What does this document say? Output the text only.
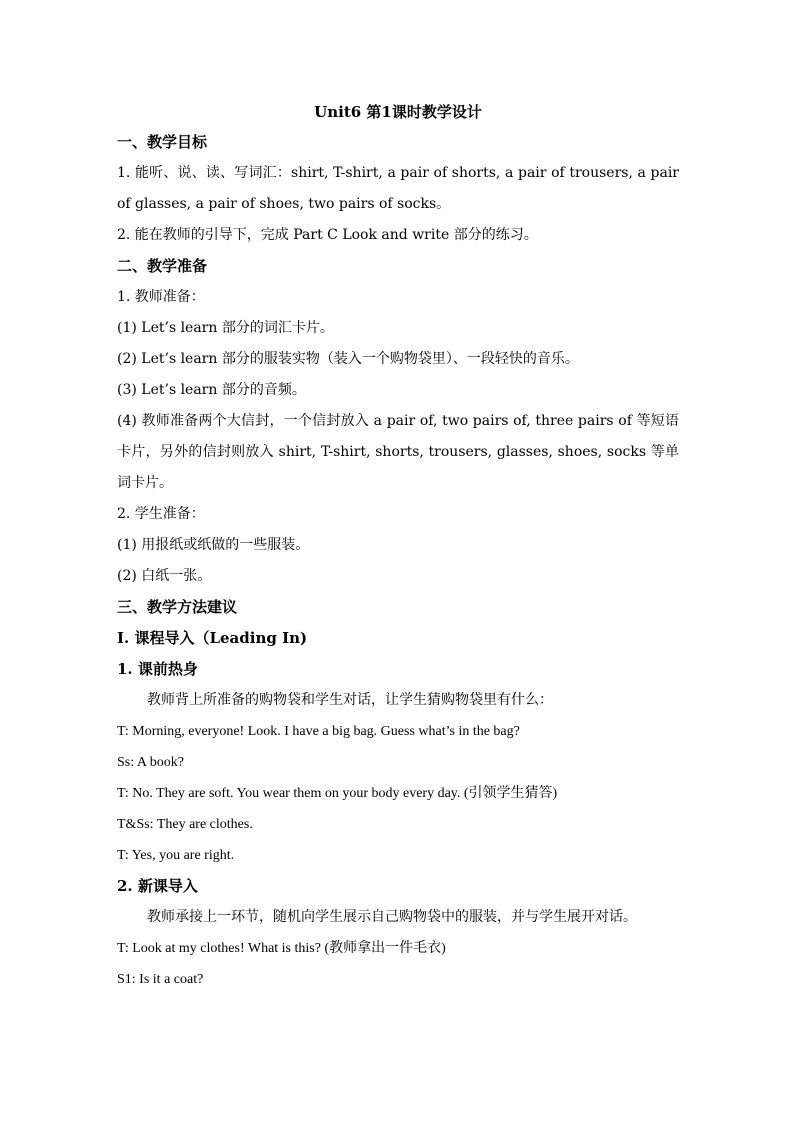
Unit6 第1课时教学设计

一、教学目标

1. 能听、说、读、写词汇：shirt, T-shirt, a pair of shorts, a pair of trousers, a pair of glasses, a pair of shoes, two pairs of socks。

2. 能在教师的引导下，完成 Part C Look and write 部分的练习。

二、教学准备

1. 教师准备：

(1) Let’s learn 部分的词汇卡片。

(2) Let’s learn 部分的服装实物（装入一个购物袋里）、一段轻快的音乐。

(3) Let’s learn 部分的音频。

(4) 教师准备两个大信封，一个信封放入 a pair of, two pairs of, three pairs of 等短语卡片，另外的信封则放入 shirt, T-shirt, shorts, trousers, glasses, shoes, socks 等单词卡片。

2. 学生准备：

(1) 用报纸或纸做的一些服装。

(2) 白纸一张。

三、教学方法建议

I. 课程导入（Leading In)

1. 课前热身

教师背上所准备的购物袋和学生对话，让学生猜购物袋里有什么：

T: Morning, everyone! Look. I have a big bag. Guess what’s in the bag?

Ss: A book?

T: No. They are soft. You wear them on your body every day. (引领学生猜答)

T&Ss: They are clothes.

T: Yes, you are right.

2. 新课导入

教师承接上一环节，随机向学生展示自己购物袋中的服装，并与学生展开对话。

T: Look at my clothes! What is this? (教师拿出一件毛衣)

S1: Is it a coat?
